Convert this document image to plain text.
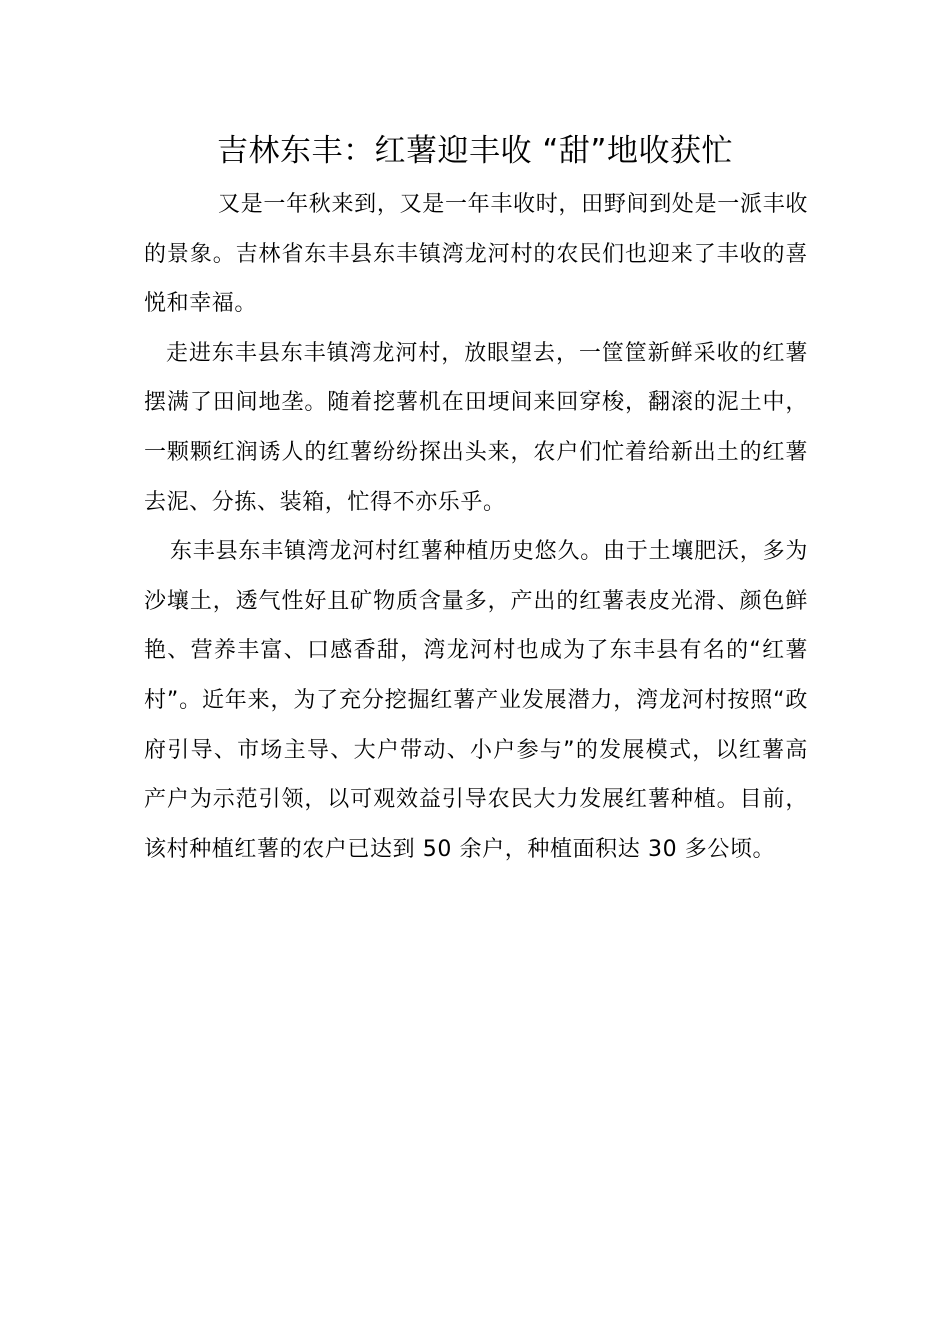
吉林东丰：红薯迎丰收 “甜”地收获忙

又是一年秋来到，又是一年丰收时，田野间到处是一派丰收的景象。吉林省东丰县东丰镇湾龙河村的农民们也迎来了丰收的喜悦和幸福。

走进东丰县东丰镇湾龙河村，放眼望去，一筐筐新鲜采收的红薯摆满了田间地垄。随着挖薯机在田埂间来回穿梭，翻滚的泥土中，一颗颗红润诱人的红薯纷纷探出头来，农户们忙着给新出土的红薯去泥、分拣、装箱，忙得不亦乐乎。

东丰县东丰镇湾龙河村红薯种植历史悠久。由于土壤肥沃，多为沙壤土，透气性好且矿物质含量多，产出的红薯表皮光滑、颜色鲜艳、营养丰富、口感香甜，湾龙河村也成为了东丰县有名的“红薯村”。近年来，为了充分挖掘红薯产业发展潜力，湾龙河村按照“政府引导、市场主导、大户带动、小户参与”的发展模式，以红薯高产户为示范引领，以可观效益引导农民大力发展红薯种植。目前，该村种植红薯的农户已达到 50 余户，种植面积达 30 多公顷。
